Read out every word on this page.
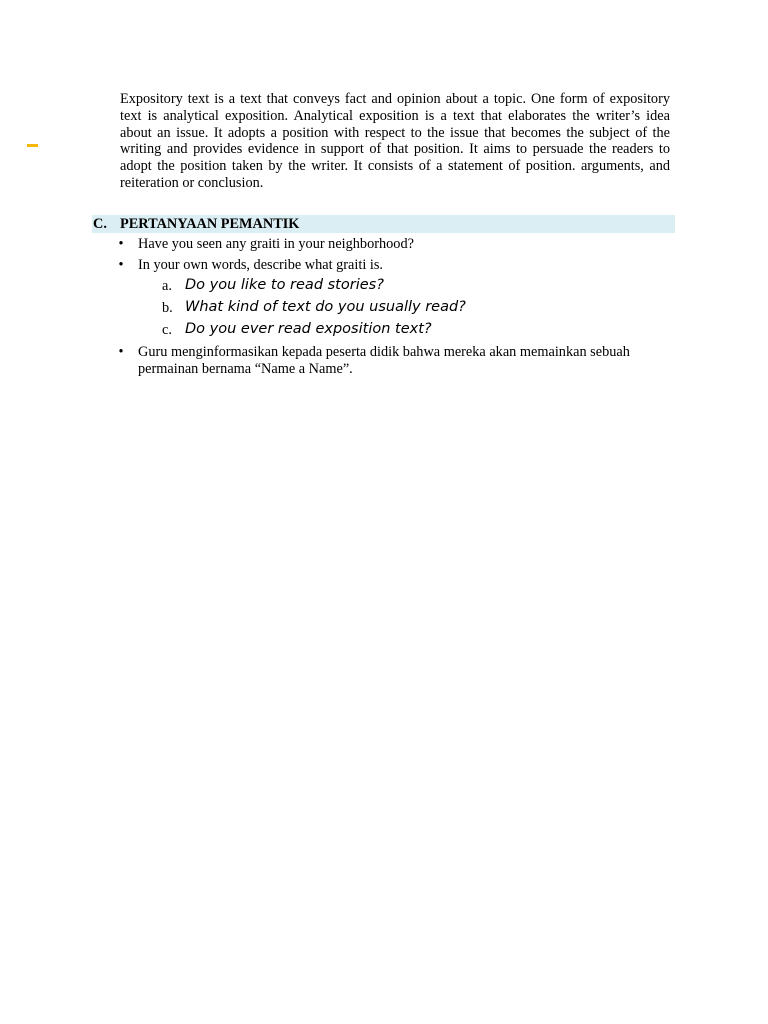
Expository text is a text that conveys fact and opinion about a topic. One form of expository text is analytical exposition. Analytical exposition is a text that elaborates the writer’s idea about an issue. It adopts a position with respect to the issue that becomes the subject of the writing and provides evidence in support of that position. It aims to persuade the readers to adopt the position taken by the writer. It consists of a statement of position. arguments, and reiteration or conclusion.

C. PERTANYAAN PEMANTIK
• Have you seen any graiti in your neighborhood?
• In your own words, describe what graiti is.
a. Do you like to read stories?
b. What kind of text do you usually read?
c. Do you ever read exposition text?
• Guru menginformasikan kepada peserta didik bahwa mereka akan memainkan sebuah permainan bernama “Name a Name”.
